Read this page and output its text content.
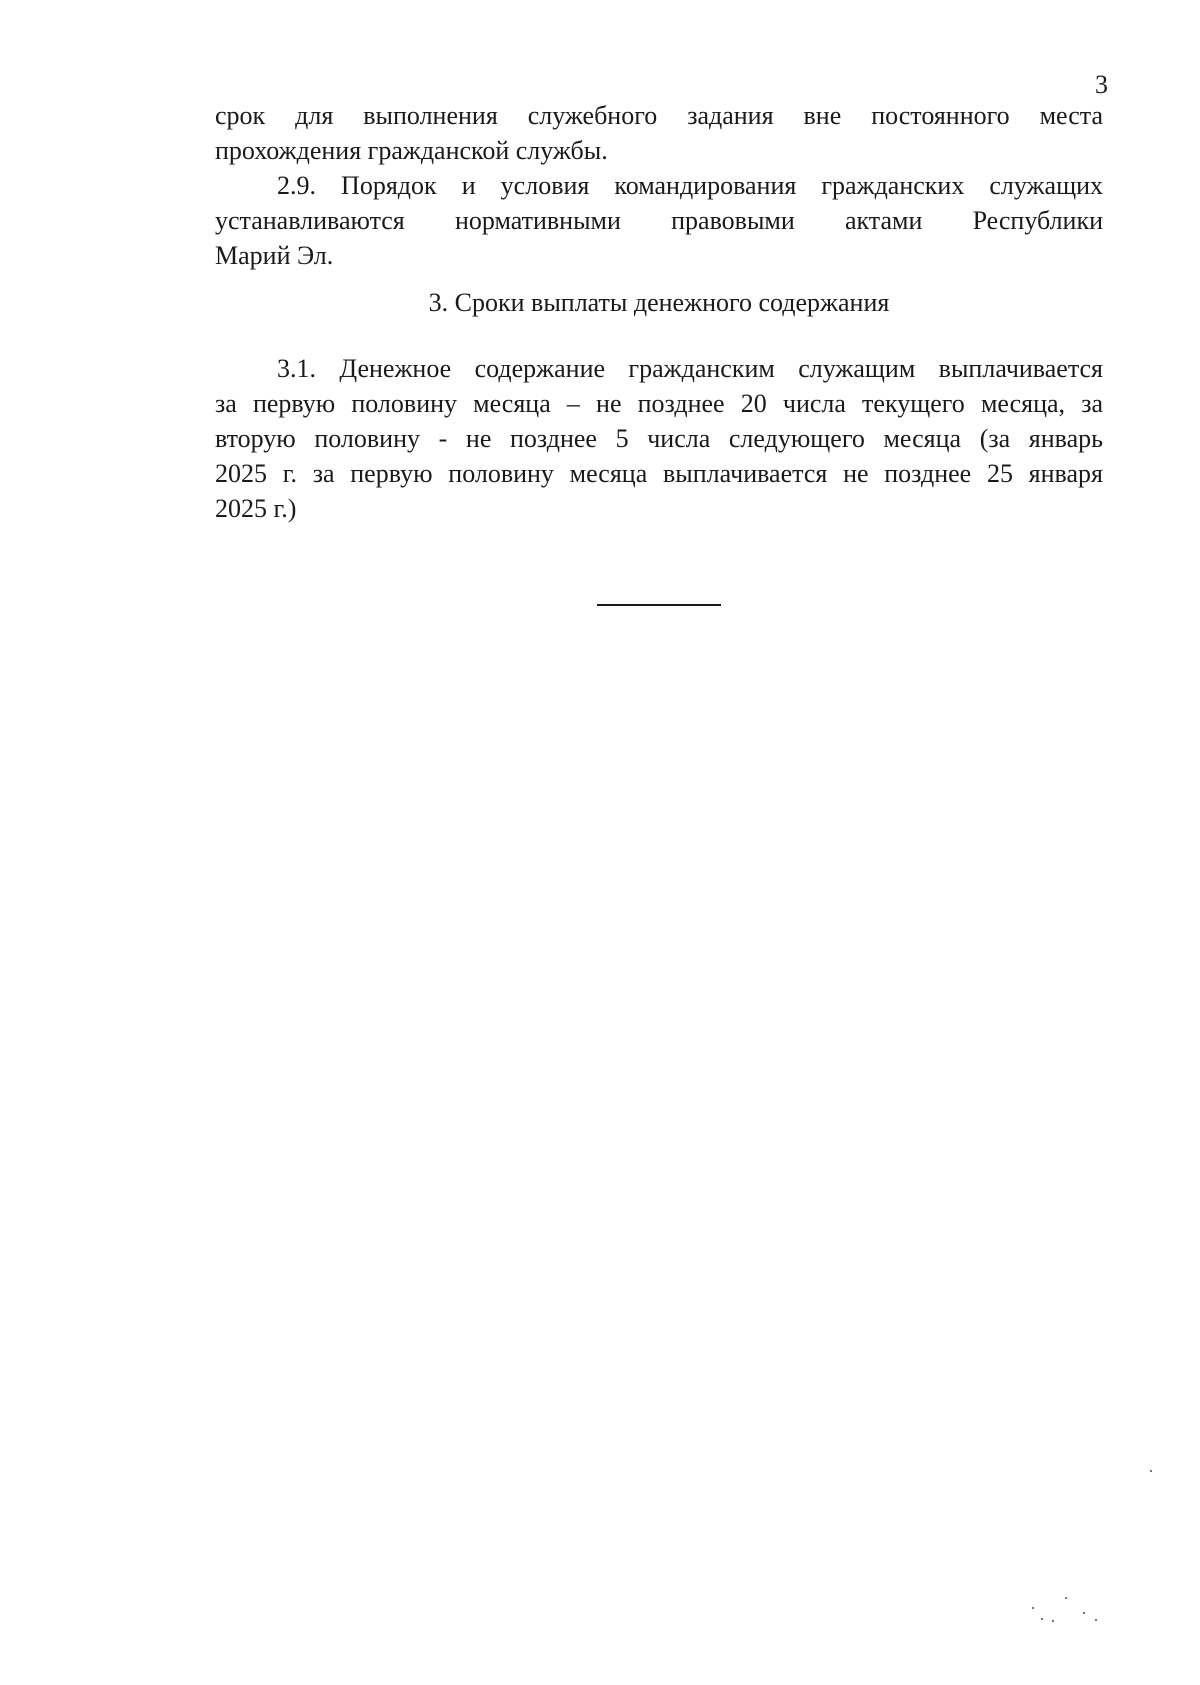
3
срок для выполнения служебного задания вне постоянного места
прохождения гражданской службы.
2.9. Порядок и условия командирования гражданских служащих
устанавливаются нормативными правовыми актами Республики
Марий Эл.
3. Сроки выплаты денежного содержания
3.1. Денежное содержание гражданским служащим выплачивается
за первую половину месяца – не позднее 20 числа текущего месяца, за
вторую половину - не позднее 5 числа следующего месяца (за январь
2025 г. за первую половину месяца выплачивается не позднее 25 января
2025 г.)
